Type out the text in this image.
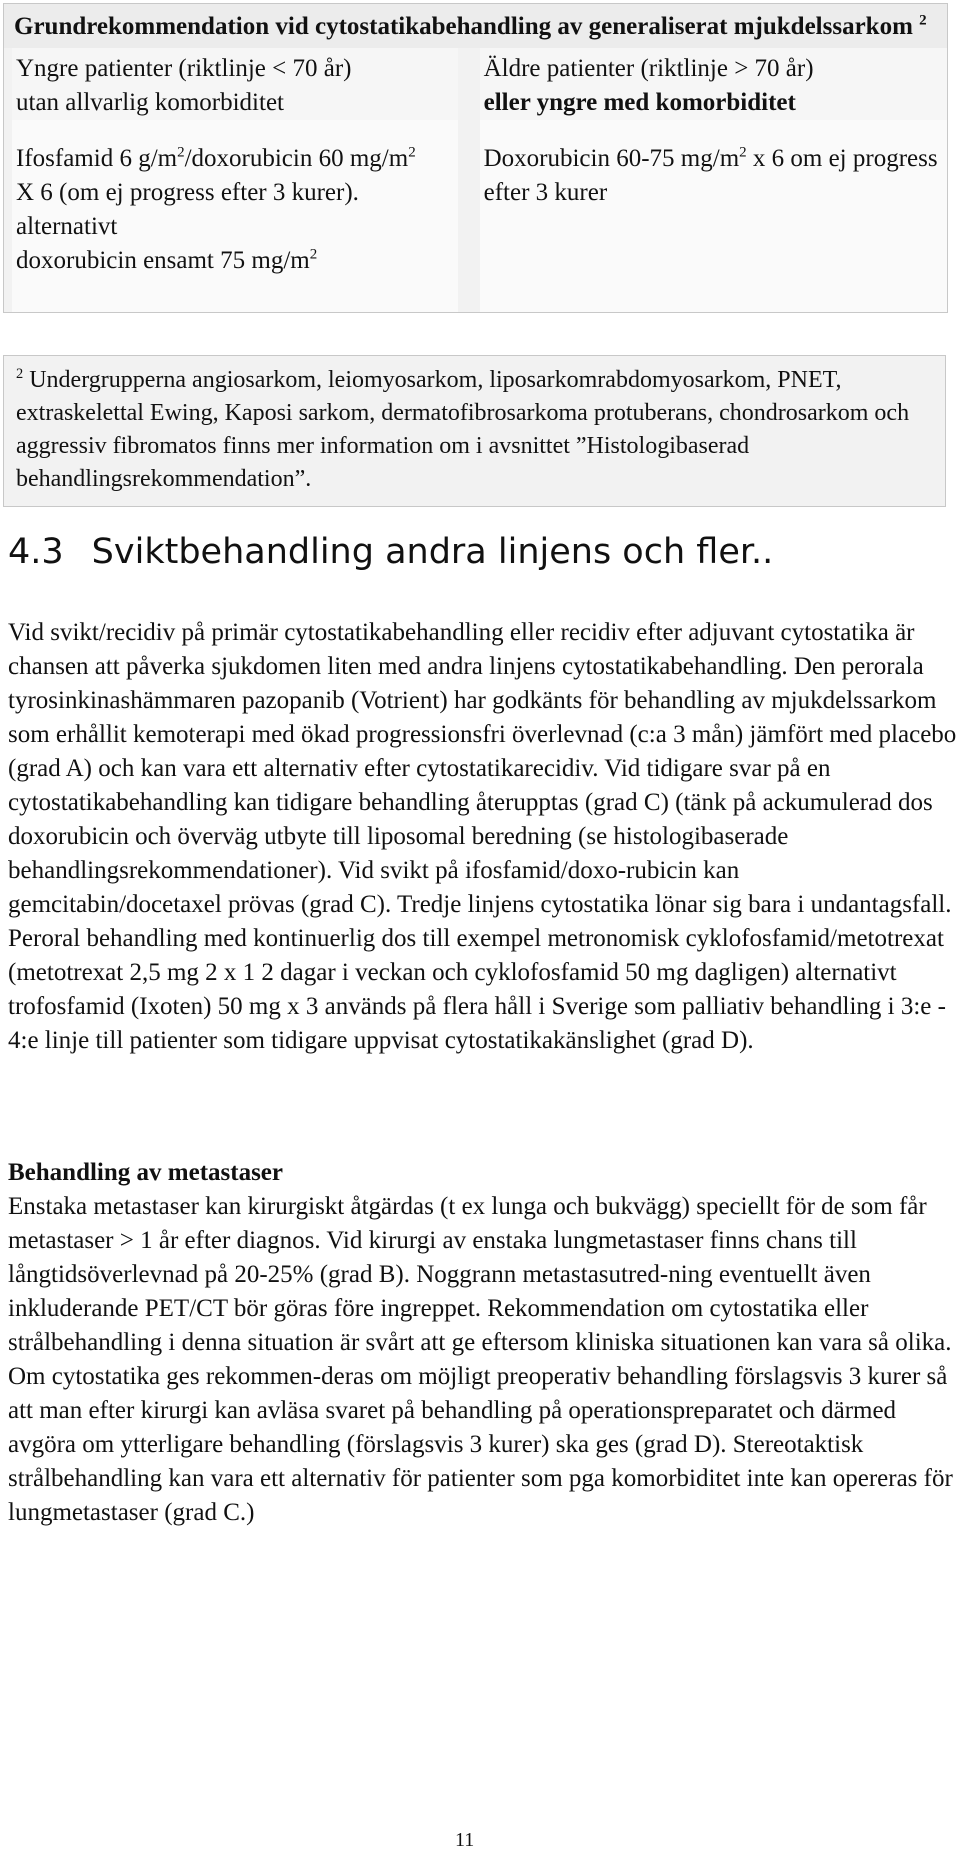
Grundrekommendation vid cytostatikabehandling av generaliserat mjukdelssarkom $^2$
Yngre patienter (riktlinje < 70 år)
utan allvarlig komorbiditet
Ifosfamid 6 $g/m^2$/doxorubicin 60 $mg/m^2$
X 6 (om ej progress efter 3 kurer).
alternativt
doxorubicin ensamt 75 $mg/m^2$
Äldre patienter (riktlinje > 70 år)
eller yngre med komorbiditet
Doxorubicin 60-75 $mg/m^2$ x 6 om ej progress efter 3 kurer
$^2$ Undergrupperna angiosarkom, leiomyosarkom, liposarkomrabdomyosarkom, PNET, extraskelettal Ewing, Kaposi sarkom, dermatofibrosarkoma protuberans, chondrosarkom och aggressiv fibromatos finns mer information om i avsnittet ”Histologibaserad behandlingsrekommendation”.
4.3 Sviktbehandling andra linjens och fler..

Vid svikt/recidiv på primär cytostatikabehandling eller recidiv efter adjuvant cytostatika är chansen att påverka sjukdomen liten med andra linjens cytostatikabehandling. Den perorala tyrosinkinashämmaren pazopanib (Votrient) har godkänts för behandling av mjukdelssarkom som erhållit kemoterapi med ökad progressionsfri överlevnad (c:a 3 mån) jämfört med placebo (grad A) och kan vara ett alternativ efter cytostatikarecidiv. Vid tidigare svar på en cytostatikabehandling kan tidigare behandling återupptas (grad C) (tänk på ackumulerad dos doxorubicin och överväg utbyte till liposomal beredning (se histologibaserade behandlingsrekommendationer). Vid svikt på ifosfamid/doxo-rubicin kan gemcitabin/docetaxel prövas (grad C). Tredje linjens cytostatika lönar sig bara i undantagsfall. Peroral behandling med kontinuerlig dos till exempel metronomisk cyklofosfamid/metotrexat (metotrexat 2,5 mg 2 x 1 2 dagar i veckan och cyklofosfamid 50 mg dagligen) alternativt trofosfamid (Ixoten) 50 mg x 3 används på flera håll i Sverige som palliativ behandling i 3:e - 4:e linje till patienter som tidigare uppvisat cytostatikakänslighet (grad D).

Behandling av metastaser

Enstaka metastaser kan kirurgiskt åtgärdas (t ex lunga och bukvägg) speciellt för de som får metastaser > 1 år efter diagnos. Vid kirurgi av enstaka lungmetastaser finns chans till långtidsöverlevnad på 20-25% (grad B). Noggrann metastasutred-ning eventuellt även inkluderande PET/CT bör göras före ingreppet. Rekommendation om cytostatika eller strålbehandling i denna situation är svårt att ge eftersom kliniska situationen kan vara så olika. Om cytostatika ges rekommen-deras om möjligt preoperativ behandling förslagsvis 3 kurer så att man efter kirurgi kan avläsa svaret på behandling på operationspreparatet och därmed avgöra om ytterligare behandling (förslagsvis 3 kurer) ska ges (grad D). Stereotaktisk strålbehandling kan vara ett alternativ för patienter som pga komorbiditet inte kan opereras för lungmetastaser (grad C.)

11
